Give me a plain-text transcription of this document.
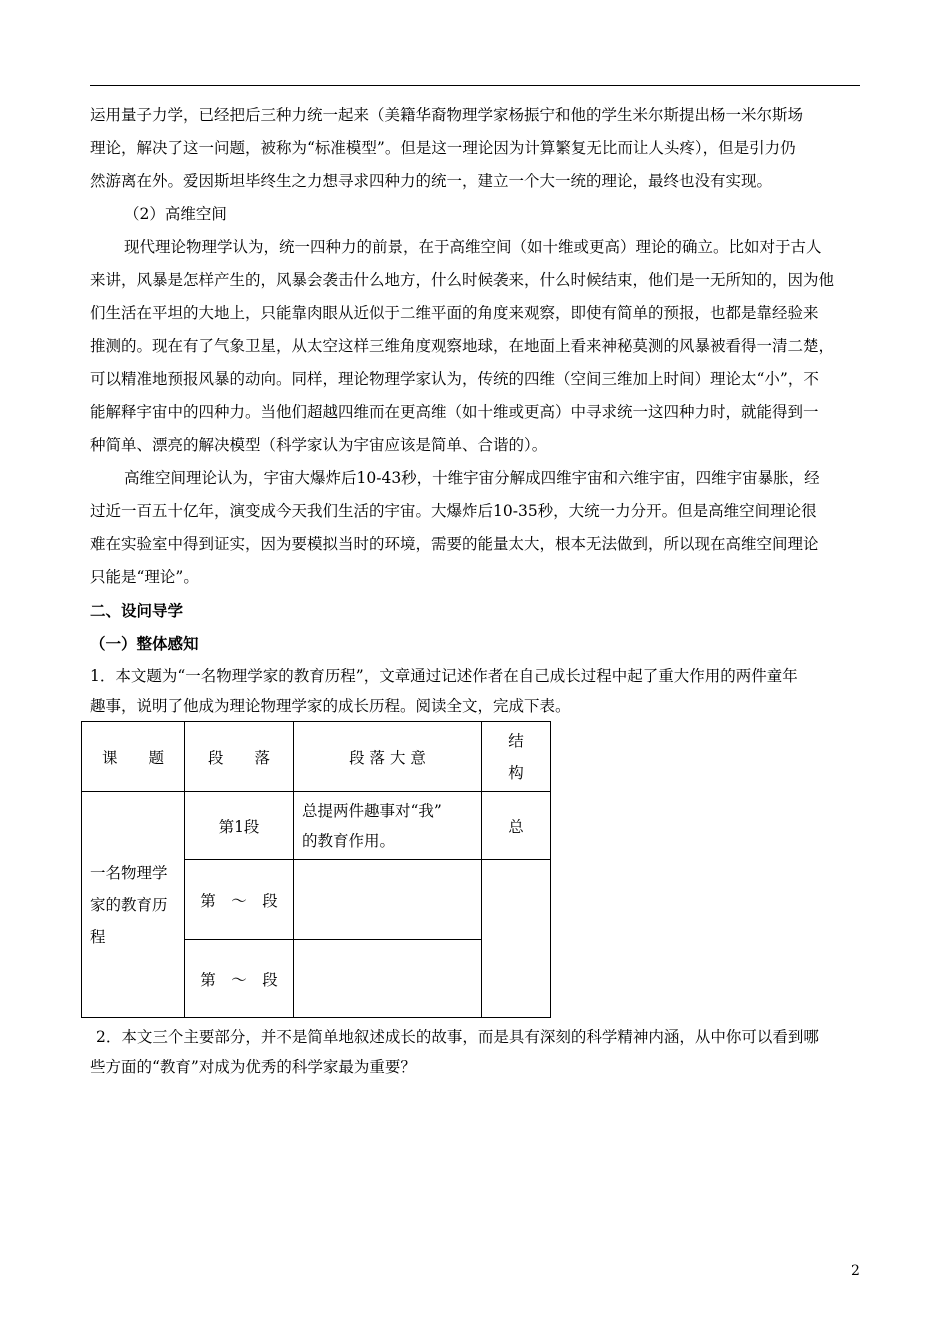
运用量子力学，已经把后三种力统一起来（美籍华裔物理学家杨振宁和他的学生米尔斯提出杨一米尔斯场

理论，解决了这一问题，被称为“标准模型”。但是这一理论因为计算繁复无比而让人头疼），但是引力仍

然游离在外。爱因斯坦毕终生之力想寻求四种力的统一，建立一个大一统的理论，最终也没有实现。

（2）高维空间

现代理论物理学认为，统一四种力的前景，在于高维空间（如十维或更高）理论的确立。比如对于古人

来讲，风暴是怎样产生的，风暴会袭击什么地方，什么时候袭来，什么时候结束，他们是一无所知的，因为他

们生活在平坦的大地上，只能靠肉眼从近似于二维平面的角度来观察，即使有简单的预报，也都是靠经验来

推测的。现在有了气象卫星，从太空这样三维角度观察地球，在地面上看来神秘莫测的风暴被看得一清二楚，

可以精准地预报风暴的动向。同样，理论物理学家认为，传统的四维（空间三维加上时间）理论太“小”，不

能解释宇宙中的四种力。当他们超越四维而在更高维（如十维或更高）中寻求统一这四种力时，就能得到一

种简单、漂亮的解决模型（科学家认为宇宙应该是简单、合谐的）。

高维空间理论认为，宇宙大爆炸后10-43秒，十维宇宙分解成四维宇宙和六维宇宙，四维宇宙暴胀，经

过近一百五十亿年，演变成今天我们生活的宇宙。大爆炸后10-35秒，大统一力分开。但是高维空间理论很

难在实验室中得到证实，因为要模拟当时的环境，需要的能量太大，根本无法做到，所以现在高维空间理论

只能是“理论”。

二、设问导学

（一）整体感知

1．本文题为“一名物理学家的教育历程”，文章通过记述作者在自己成长过程中起了重大作用的两件童年

趣事，说明了他成为理论物理学家的成长历程。阅读全文，完成下表。

课　　题	段　　落	段 落 大 意	结
构
一名物理学
家的教育历
程	第1段	总提两件趣事对“我”
的教育作用。	总
	第　～　段		
	第　～　段		

2．本文三个主要部分，并不是简单地叙述成长的故事，而是具有深刻的科学精神内涵，从中你可以看到哪

些方面的“教育”对成为优秀的科学家最为重要？

2
